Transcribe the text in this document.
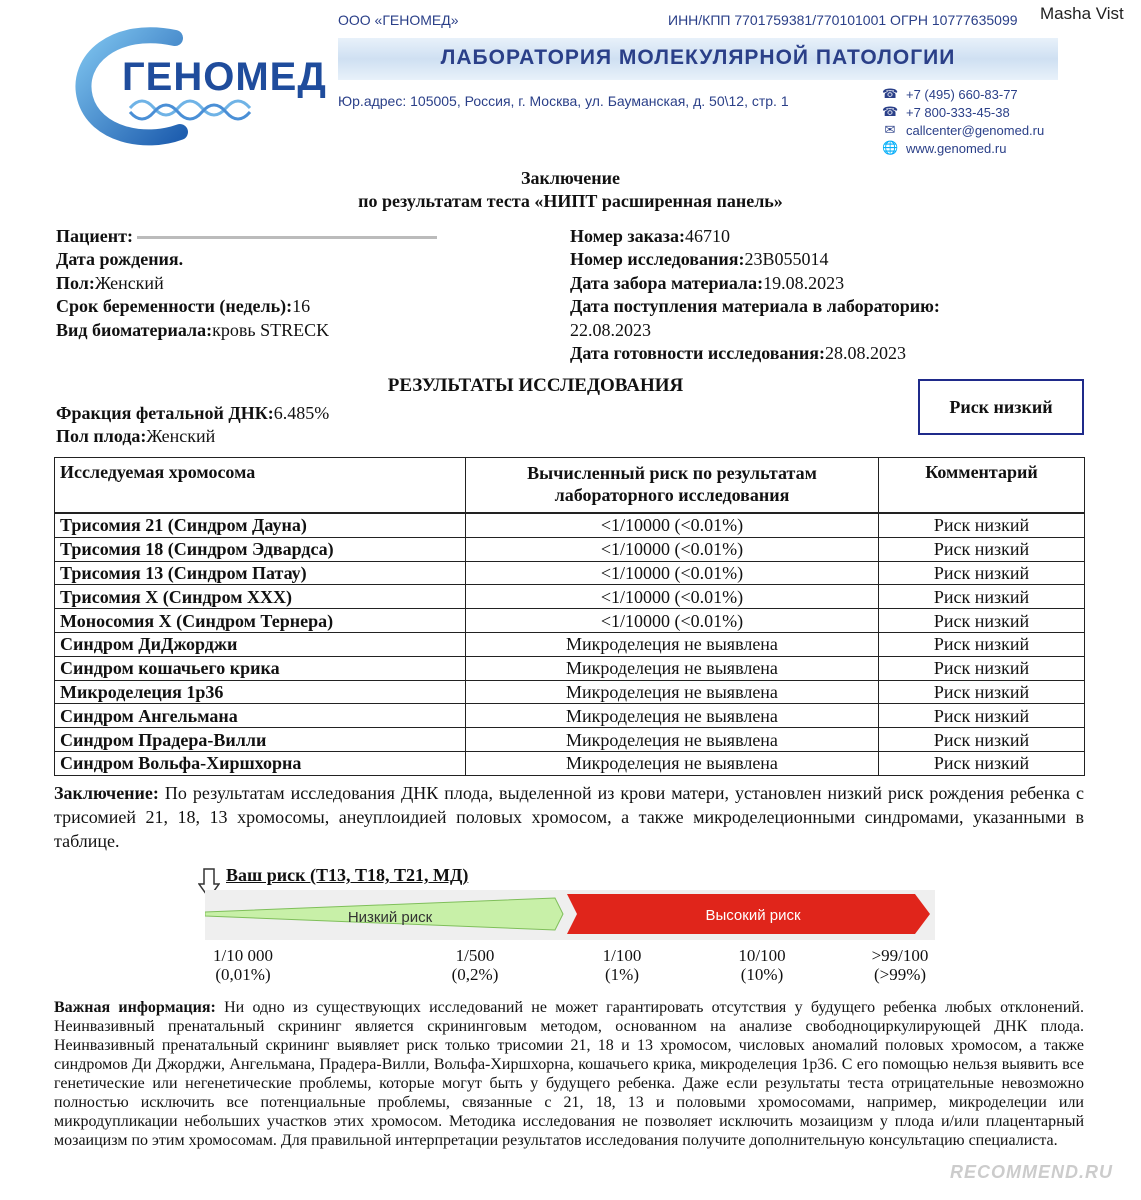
ГЕНОМЕД
ООО «ГЕНОМЕД»	ИНН/КПП 7701759381/770101001 ОГРН 10777635099 Masha Vist
ЛАБОРАТОРИЯ МОЛЕКУЛЯРНОЙ ПАТОЛОГИИ
Юр.адрес: 105005, Россия, г. Москва, ул. Бауманская, д. 50\12, стр. 1	☎ +7 (495) 660-83-77
☎ +7 800-333-45-38
✉ callcenter@genomed.ru
🌐 www.genomed.ru
Заключение
по результатам теста «НИПТ расширенная панель»
Пациент:
Дата рождения.
Пол:Женский
Срок беременности (недель):16
Вид биоматериала:кровь STRECK
Номер заказа:46710
Номер исследования:23B055014
Дата забора материала:19.08.2023
Дата поступления материала в лабораторию:
22.08.2023
Дата готовности исследования:28.08.2023
РЕЗУЛЬТАТЫ ИССЛЕДОВАНИЯ
Риск низкий
Фракция фетальной ДНК:6.485%
Пол плода:Женский
Исследуемая хромосома	Вычисленный риск по результатам лабораторного исследования	Комментарий
Трисомия 21 (Синдром Дауна)	<1/10000 (<0.01%)	Риск низкий
Трисомия 18 (Синдром Эдвардса)	<1/10000 (<0.01%)	Риск низкий
Трисомия 13 (Синдром Патау)	<1/10000 (<0.01%)	Риск низкий
Трисомия X (Синдром XXX)	<1/10000 (<0.01%)	Риск низкий
Моносомия X (Синдром Тернера)	<1/10000 (<0.01%)	Риск низкий
Синдром ДиДжорджи	Микроделеция не выявлена	Риск низкий
Синдром кошачьего крика	Микроделеция не выявлена	Риск низкий
Микроделеция 1p36	Микроделеция не выявлена	Риск низкий
Синдром Ангельмана	Микроделеция не выявлена	Риск низкий
Синдром Прадера-Вилли	Микроделеция не выявлена	Риск низкий
Синдром Вольфа-Хиршхорна	Микроделеция не выявлена	Риск низкий
Заключение: По результатам исследования ДНК плода, выделенной из крови матери, установлен низкий риск рождения ребенка с трисомией 21, 18, 13 хромосомы, анеуплоидией половых хромосом, а также микроделеционными синдромами, указанными в таблице.
Ваш риск (Т13, Т18, Т21, МД)
Низкий риск	Высокий риск
1/10 000
(0,01%)
1/500
(0,2%)
1/100
(1%)
10/100
(10%)
>99/100
(>99%)
Важная информация: Ни одно из существующих исследований не может гарантировать отсутствия у будущего ребенка любых отклонений. Неинвазивный пренатальный скрининг является скрининговым методом, основанном на анализе свободноциркулирующей ДНК плода. Неинвазивный пренатальный скрининг выявляет риск только трисомии 21, 18 и 13 хромосом, числовых аномалий половых хромосом, а также синдромов Ди Джорджи, Ангельмана, Прадера-Вилли, Вольфа-Хиршхорна, кошачьего крика, микроделеция 1p36. С его помощью нельзя выявить все генетические или негенетические проблемы, которые могут быть у будущего ребенка. Даже если результаты теста отрицательные невозможно полностью исключить все потенциальные проблемы, связанные с 21, 18, 13 и половыми хромосомами, например, микроделеции или микродупликации небольших участков этих хромосом. Методика исследования не позволяет исключить мозаицизм у плода и/или плацентарный мозаицизм по этим хромосомам. Для правильной интерпретации результатов исследования получите дополнительную консультацию специалиста.
RECOMMEND.RU
